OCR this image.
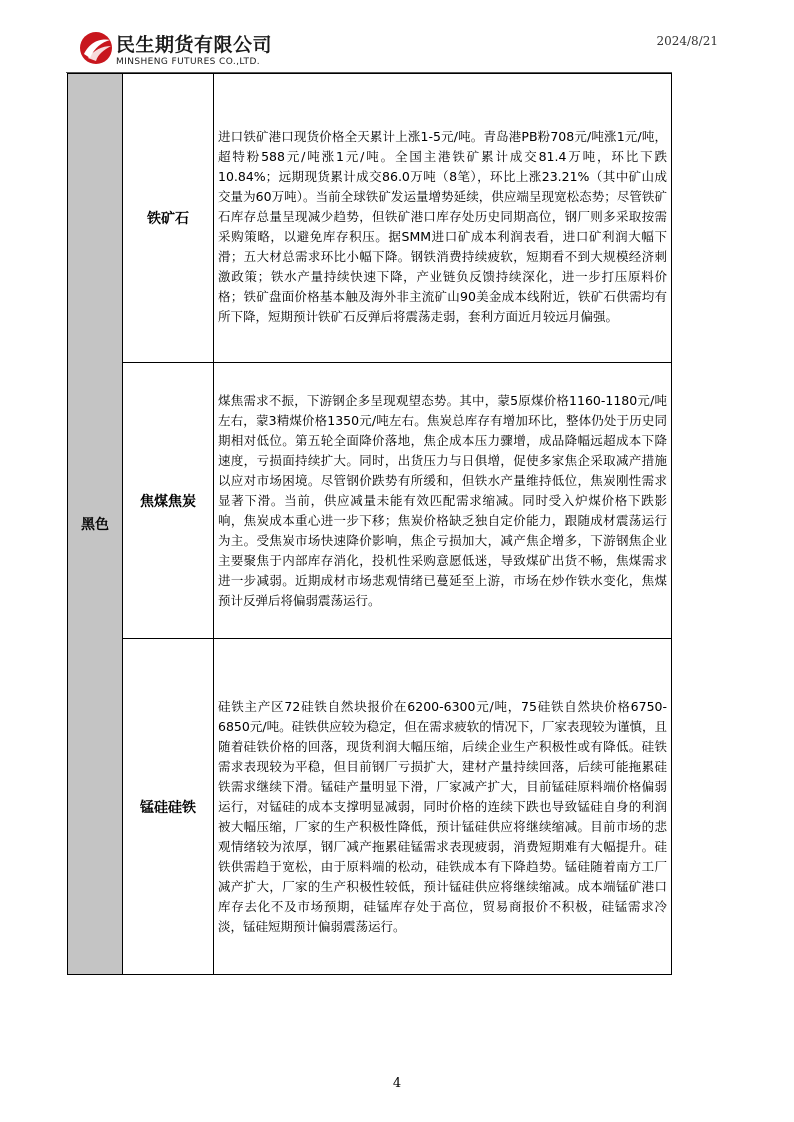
民生期货有限公司
MINSHENG FUTURES CO.,LTD.
2024/8/21
黑色	铁矿石	进口铁矿港口现货价格全天累计上涨1-5元/吨。青岛港PB粉708元/吨涨1元/吨，超特粉588元/吨涨1元/吨。全国主港铁矿累计成交81.4万吨，环比下跌10.84%；远期现货累计成交86.0万吨（8笔），环比上涨23.21%（其中矿山成交量为60万吨）。当前全球铁矿发运量增势延续，供应端呈现宽松态势；尽管铁矿石库存总量呈现减少趋势，但铁矿港口库存处历史同期高位，钢厂则多采取按需采购策略，以避免库存积压。据SMM进口矿成本利润表看，进口矿利润大幅下滑；五大材总需求环比小幅下降。钢铁消费持续疲软，短期看不到大规模经济刺激政策；铁水产量持续快速下降，产业链负反馈持续深化，进一步打压原料价格；铁矿盘面价格基本触及海外非主流矿山90美金成本线附近，铁矿石供需均有所下降，短期预计铁矿石反弹后将震荡走弱，套利方面近月较远月偏强。
	焦煤焦炭	煤焦需求不振，下游钢企多呈现观望态势。其中，蒙5原煤价格1160-1180元/吨左右，蒙3精煤价格1350元/吨左右。焦炭总库存有增加环比，整体仍处于历史同期相对低位。第五轮全面降价落地，焦企成本压力骤增，成品降幅远超成本下降速度，亏损面持续扩大。同时，出货压力与日俱增，促使多家焦企采取减产措施以应对市场困境。尽管钢价跌势有所缓和，但铁水产量维持低位，焦炭刚性需求显著下滑。当前，供应减量未能有效匹配需求缩减。同时受入炉煤价格下跌影响，焦炭成本重心进一步下移；焦炭价格缺乏独自定价能力，跟随成材震荡运行为主。受焦炭市场快速降价影响，焦企亏损加大，减产焦企增多，下游钢焦企业主要聚焦于内部库存消化，投机性采购意愿低迷，导致煤矿出货不畅，焦煤需求进一步减弱。近期成材市场悲观情绪已蔓延至上游，市场在炒作铁水变化，焦煤预计反弹后将偏弱震荡运行。
	锰硅硅铁	硅铁主产区72硅铁自然块报价在6200-6300元/吨，75硅铁自然块价格6750-6850元/吨。硅铁供应较为稳定，但在需求疲软的情况下，厂家表现较为谨慎，且随着硅铁价格的回落，现货利润大幅压缩，后续企业生产积极性或有降低。硅铁需求表现较为平稳，但目前钢厂亏损扩大，建材产量持续回落，后续可能拖累硅铁需求继续下滑。锰硅产量明显下滑，厂家减产扩大，目前锰硅原料端价格偏弱运行，对锰硅的成本支撑明显减弱，同时价格的连续下跌也导致锰硅自身的利润被大幅压缩，厂家的生产积极性降低，预计锰硅供应将继续缩减。目前市场的悲观情绪较为浓厚，钢厂减产拖累硅锰需求表现疲弱，消费短期难有大幅提升。硅铁供需趋于宽松，由于原料端的松动，硅铁成本有下降趋势。锰硅随着南方工厂减产扩大，厂家的生产积极性较低，预计锰硅供应将继续缩减。成本端锰矿港口库存去化不及市场预期，硅锰库存处于高位，贸易商报价不积极，硅锰需求冷淡，锰硅短期预计偏弱震荡运行。
4
